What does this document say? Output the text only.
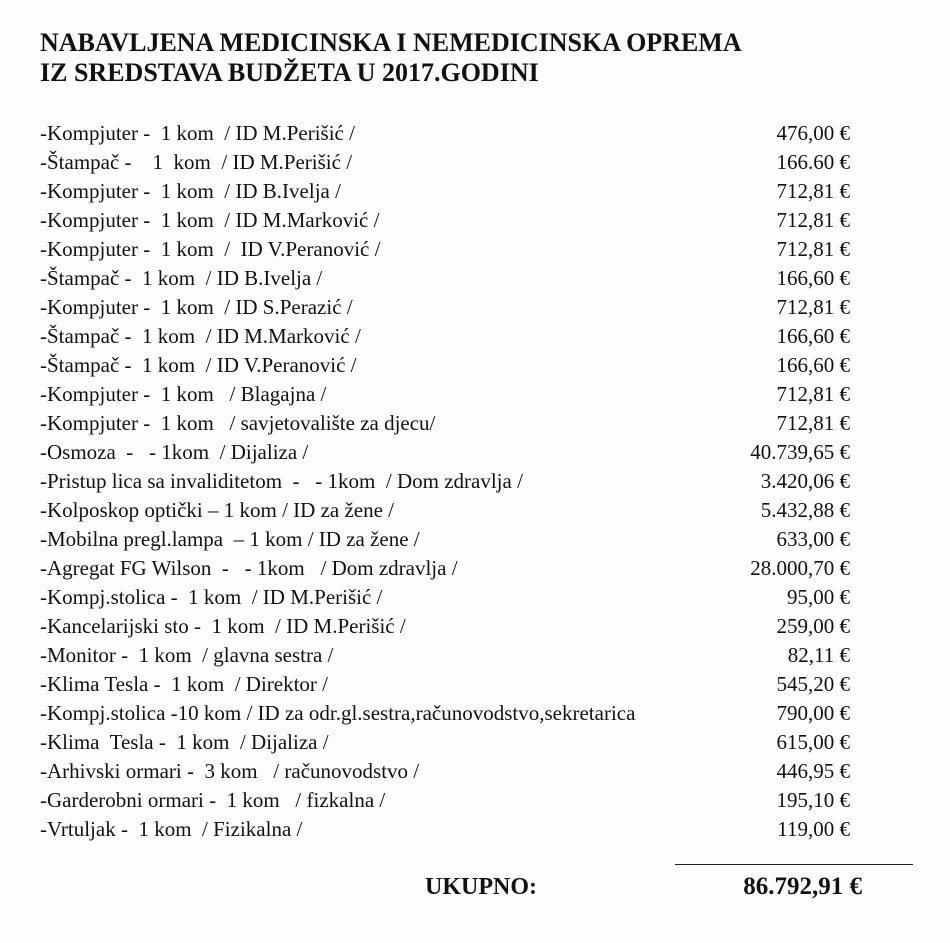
NABAVLJENA MEDICINSKA I NEMEDICINSKA OPREMA
IZ SREDSTAVA BUDŽETA U 2017.GODINI
-Kompjuter -  1 kom  / ID M.Perišić /	476,00 €
-Štampač -    1  kom  / ID M.Perišić /	166.60 €
-Kompjuter -  1 kom  / ID B.Ivelja /	712,81 €
-Kompjuter -  1 kom  / ID M.Marković /	712,81 €
-Kompjuter -  1 kom  /  ID V.Peranović /	712,81 €
-Štampač -  1 kom  / ID B.Ivelja /	166,60 €
-Kompjuter -  1 kom  / ID S.Perazić /	712,81 €
-Štampač -  1 kom  / ID M.Marković /	166,60 €
-Štampač -  1 kom  / ID V.Peranović /	166,60 €
-Kompjuter -  1 kom   / Blagajna /	712,81 €
-Kompjuter -  1 kom   / savjetovalište za djecu/	712,81 €
-Osmoza  -   - 1kom  / Dijaliza /	40.739,65 €
-Pristup lica sa invaliditetom  -   - 1kom  / Dom zdravlja /	3.420,06 €
-Kolposkop optički – 1 kom / ID za žene /	5.432,88 €
-Mobilna pregl.lampa  – 1 kom / ID za žene /	633,00 €
-Agregat FG Wilson  -   - 1kom   / Dom zdravlja /	28.000,70 €
-Kompj.stolica -  1 kom  / ID M.Perišić /	95,00 €
-Kancelarijski sto -  1 kom  / ID M.Perišić /	259,00 €
-Monitor -  1 kom  / glavna sestra /	82,11 €
-Klima Tesla -  1 kom  / Direktor /	545,20 €
-Kompj.stolica -10 kom / ID za odr.gl.sestra,računovodstvo,sekretarica	790,00 €
-Klima  Tesla -  1 kom  / Dijaliza /	615,00 €
-Arhivski ormari -  3 kom   / računovodstvo /	446,95 €
-Garderobni ormari -  1 kom   / fizkalna /	195,10 €
-Vrtuljak -  1 kom  / Fizikalna /	119,00 €
UKUPNO:	86.792,91 €
